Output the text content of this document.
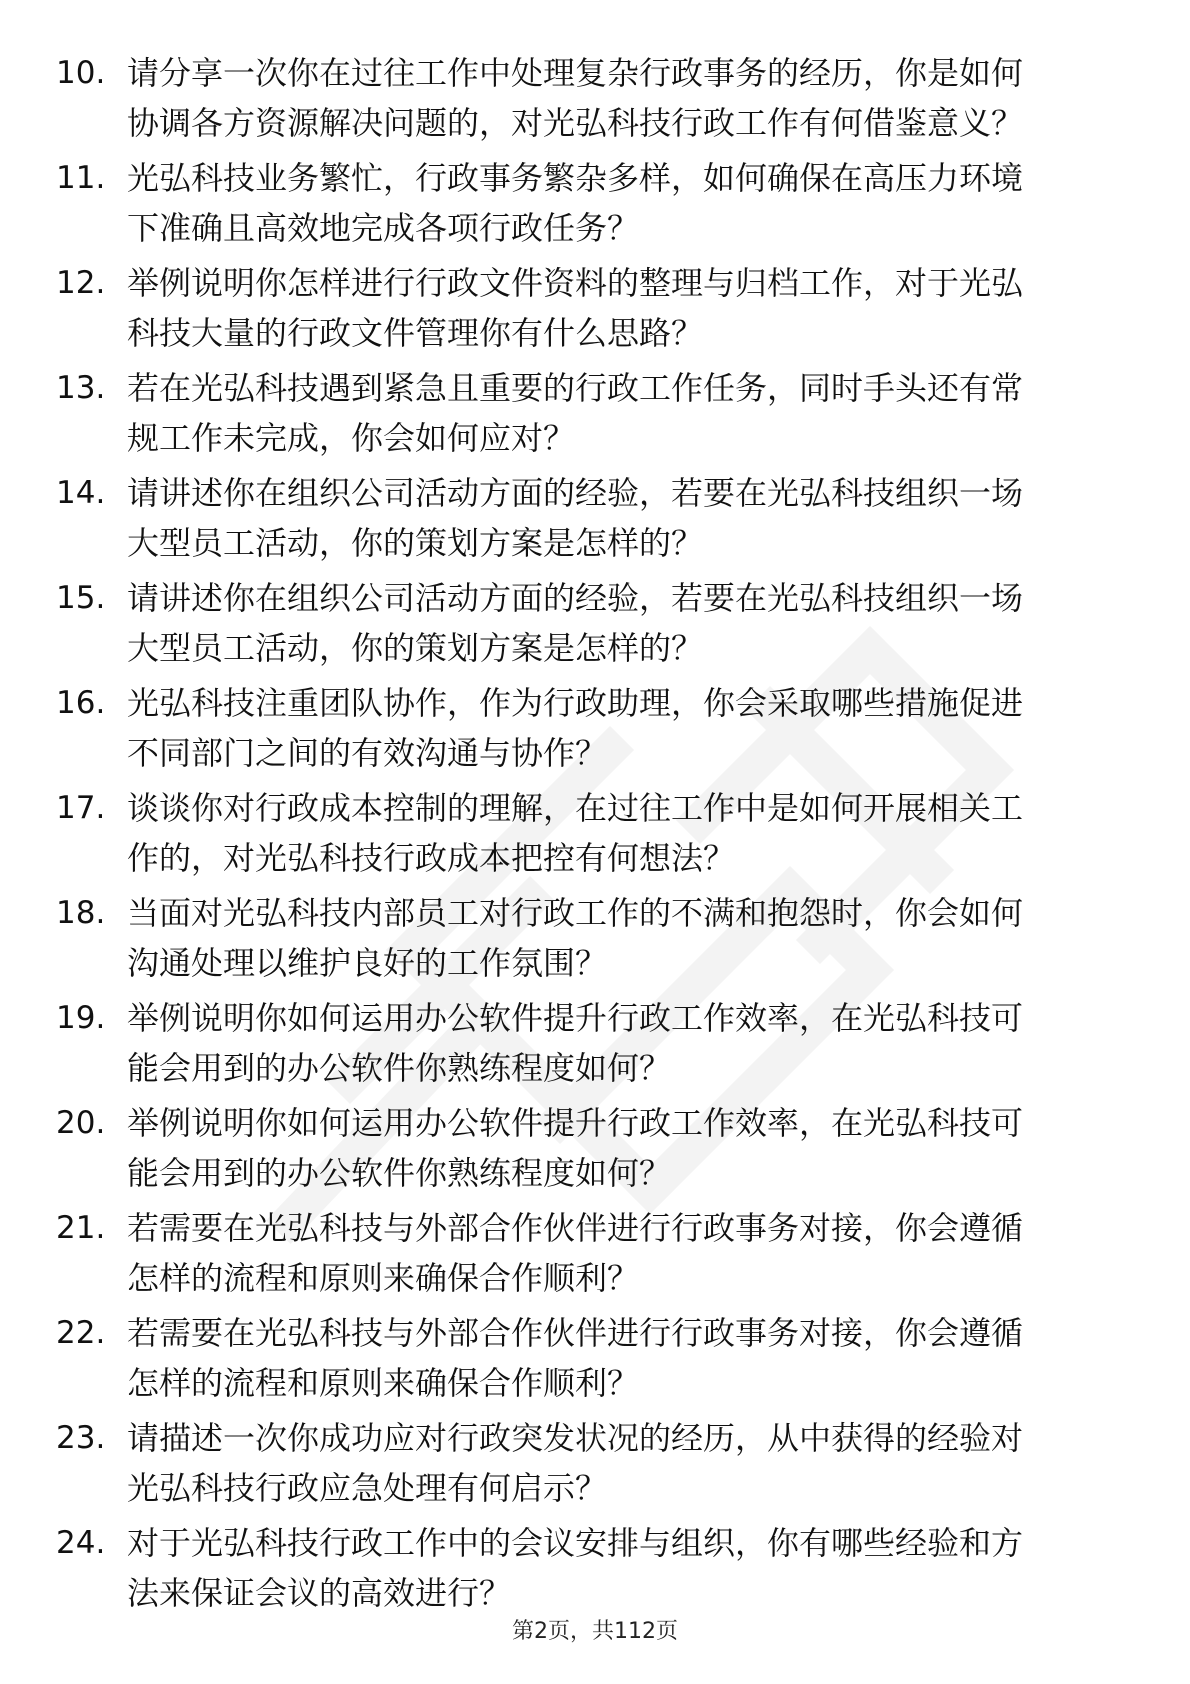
10. 请分享一次你在过往工作中处理复杂行政事务的经历，你是如何
协调各方资源解决问题的，对光弘科技行政工作有何借鉴意义？
11. 光弘科技业务繁忙，行政事务繁杂多样，如何确保在高压力环境
下准确且高效地完成各项行政任务？
12. 举例说明你怎样进行行政文件资料的整理与归档工作，对于光弘
科技大量的行政文件管理你有什么思路？
13. 若在光弘科技遇到紧急且重要的行政工作任务，同时手头还有常
规工作未完成，你会如何应对？
14. 请讲述你在组织公司活动方面的经验，若要在光弘科技组织一场
大型员工活动，你的策划方案是怎样的？
15. 请讲述你在组织公司活动方面的经验，若要在光弘科技组织一场
大型员工活动，你的策划方案是怎样的？
16. 光弘科技注重团队协作，作为行政助理，你会采取哪些措施促进
不同部门之间的有效沟通与协作？
17. 谈谈你对行政成本控制的理解，在过往工作中是如何开展相关工
作的，对光弘科技行政成本把控有何想法？
18. 当面对光弘科技内部员工对行政工作的不满和抱怨时，你会如何
沟通处理以维护良好的工作氛围？
19. 举例说明你如何运用办公软件提升行政工作效率，在光弘科技可
能会用到的办公软件你熟练程度如何？
20. 举例说明你如何运用办公软件提升行政工作效率，在光弘科技可
能会用到的办公软件你熟练程度如何？
21. 若需要在光弘科技与外部合作伙伴进行行政事务对接，你会遵循
怎样的流程和原则来确保合作顺利？
22. 若需要在光弘科技与外部合作伙伴进行行政事务对接，你会遵循
怎样的流程和原则来确保合作顺利？
23. 请描述一次你成功应对行政突发状况的经历，从中获得的经验对
光弘科技行政应急处理有何启示？
24. 对于光弘科技行政工作中的会议安排与组织，你有哪些经验和方
法来保证会议的高效进行？
第2页，共112页
